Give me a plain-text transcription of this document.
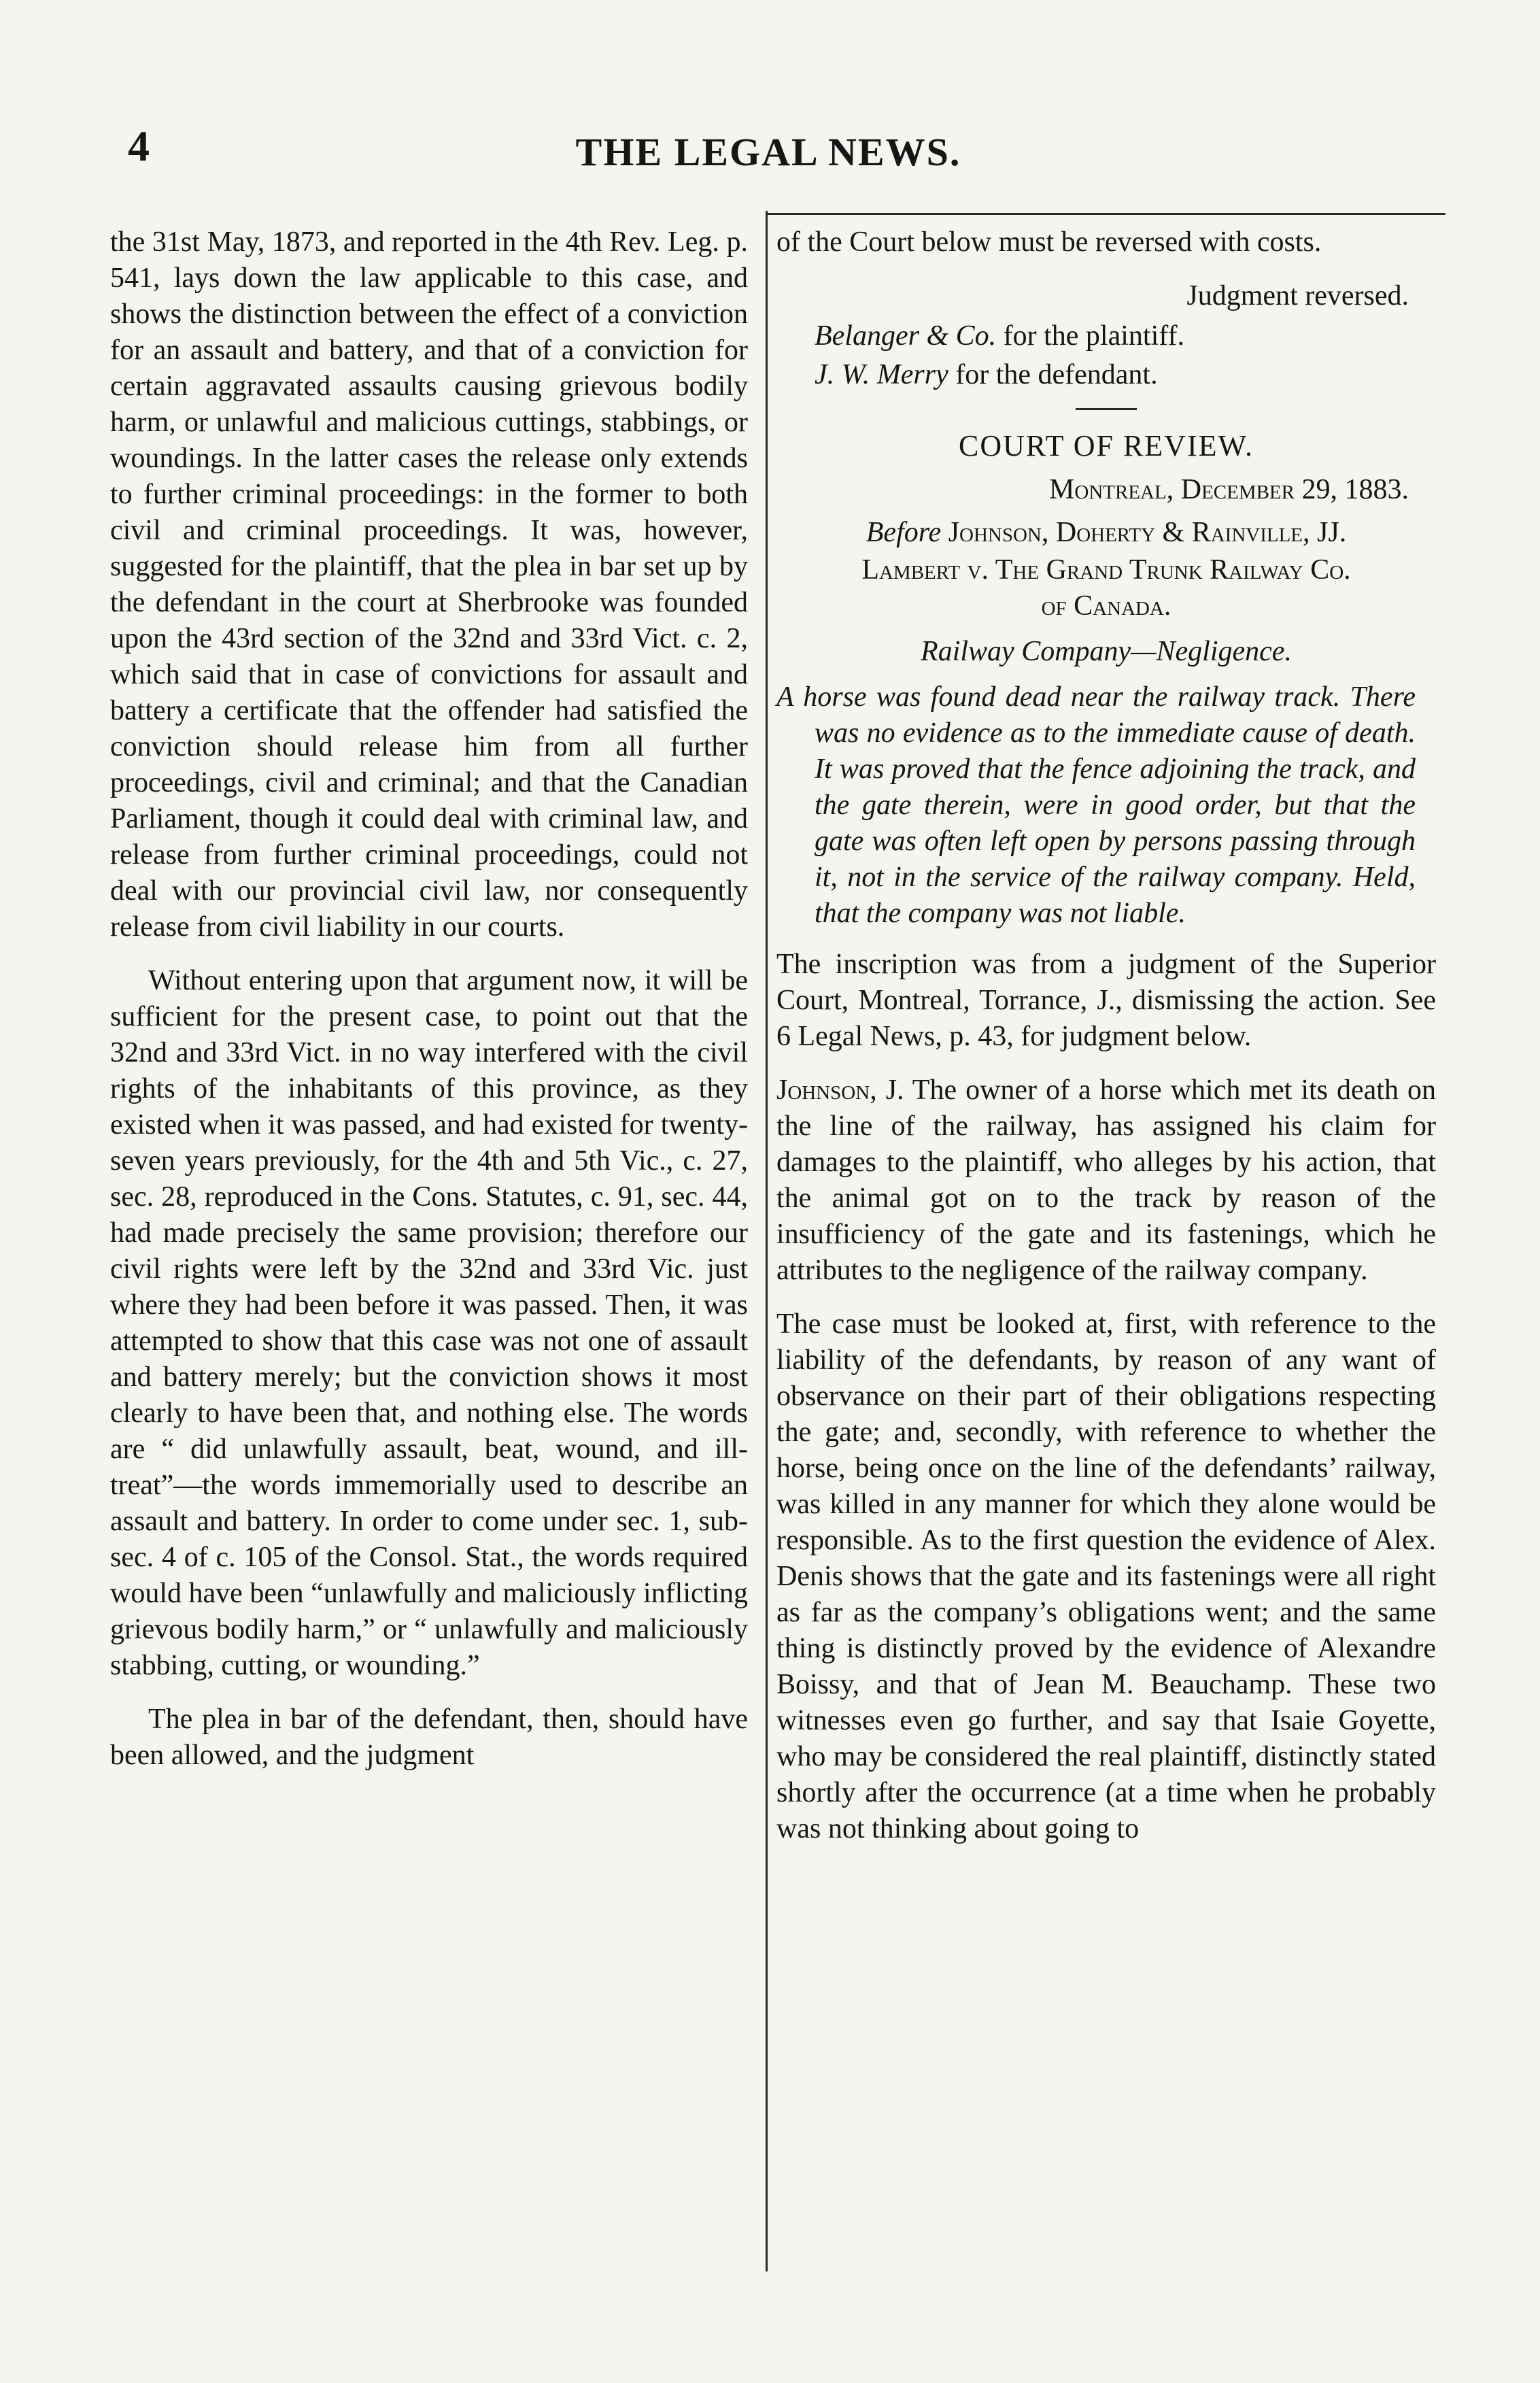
4	THE LEGAL NEWS.

the 31st May, 1873, and reported in the 4th Rev. Leg. p. 541, lays down the law applicable to this case, and shows the distinction between the effect of a conviction for an assault and battery, and that of a conviction for certain aggravated assaults causing grievous bodily harm, or unlawful and malicious cuttings, stabbings, or woundings. In the latter cases the release only extends to further criminal proceedings: in the former to both civil and criminal proceedings. It was, however, suggested for the plaintiff, that the plea in bar set up by the defendant in the court at Sherbrooke was founded upon the 43rd section of the 32nd and 33rd Vict. c. 2, which said that in case of convictions for assault and battery a certificate that the offender had satisfied the conviction should release him from all further proceedings, civil and criminal; and that the Canadian Parliament, though it could deal with criminal law, and release from further criminal proceedings, could not deal with our provincial civil law, nor consequently release from civil liability in our courts.

Without entering upon that argument now, it will be sufficient for the present case, to point out that the 32nd and 33rd Vict. in no way interfered with the civil rights of the inhabitants of this province, as they existed when it was passed, and had existed for twenty-seven years previously, for the 4th and 5th Vic., c. 27, sec. 28, reproduced in the Cons. Statutes, c. 91, sec. 44, had made precisely the same provision; therefore our civil rights were left by the 32nd and 33rd Vic. just where they had been before it was passed. Then, it was attempted to show that this case was not one of assault and battery merely; but the conviction shows it most clearly to have been that, and nothing else. The words are “ did unlawfully assault, beat, wound, and ill-treat”—the words immemorially used to describe an assault and battery. In order to come under sec. 1, sub-sec. 4 of c. 105 of the Consol. Stat., the words required would have been “unlawfully and maliciously inflicting grievous bodily harm,” or “ unlawfully and maliciously stabbing, cutting, or wounding.”

The plea in bar of the defendant, then, should have been allowed, and the judgment

of the Court below must be reversed with costs.

Judgment reversed.
Belanger & Co. for the plaintiff.
J. W. Merry for the defendant.
COURT OF REVIEW.
Montreal, December 29, 1883.
Before Johnson, Doherty & Rainville, JJ.
Lambert v. The Grand Trunk Railway Co.
of Canada.
Railway Company—Negligence.

A horse was found dead near the railway track. There was no evidence as to the immediate cause of death. It was proved that the fence adjoining the track, and the gate therein, were in good order, but that the gate was often left open by persons passing through it, not in the service of the railway company. Held, that the company was not liable.

The inscription was from a judgment of the Superior Court, Montreal, Torrance, J., dismissing the action. See 6 Legal News, p. 43, for judgment below.

Johnson, J. The owner of a horse which met its death on the line of the railway, has assigned his claim for damages to the plaintiff, who alleges by his action, that the animal got on to the track by reason of the insufficiency of the gate and its fastenings, which he attributes to the negligence of the railway company.

The case must be looked at, first, with reference to the liability of the defendants, by reason of any want of observance on their part of their obligations respecting the gate; and, secondly, with reference to whether the horse, being once on the line of the defendants’ railway, was killed in any manner for which they alone would be responsible. As to the first question the evidence of Alex. Denis shows that the gate and its fastenings were all right as far as the company’s obligations went; and the same thing is distinctly proved by the evidence of Alexandre Boissy, and that of Jean M. Beauchamp. These two witnesses even go further, and say that Isaie Goyette, who may be considered the real plaintiff, distinctly stated shortly after the occurrence (at a time when he probably was not thinking about going to
